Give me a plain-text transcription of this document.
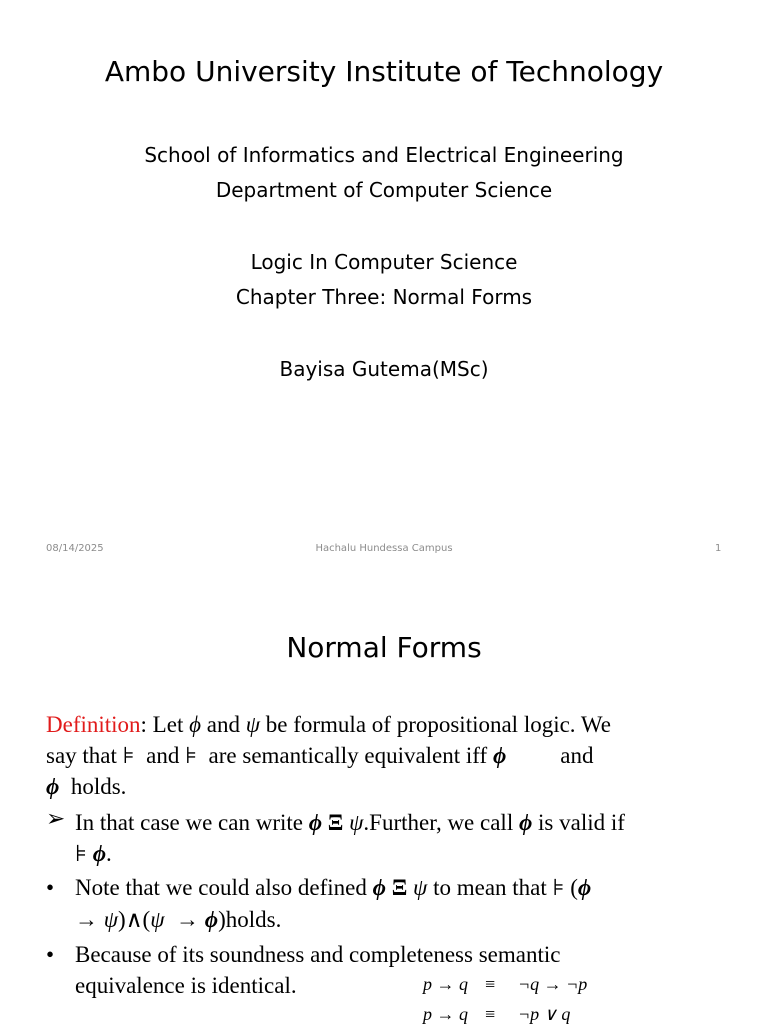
Ambo University Institute of Technology
School of Informatics and Electrical Engineering
Department of Computer Science
Logic In Computer Science
Chapter Three: Normal Forms
Bayisa Gutema(MSc)
08/14/2025	Hachalu Hundessa Campus	1
Normal Forms
Definition: Let ϕ and ψ be formula of propositional logic. We
say that ⊧  and ⊧  are semantically equivalent iff ϕ and
ϕ  holds.
➢ In that case we can write ϕ Ξ ψ.Further, we call ϕ is valid if
⊧ ϕ.
• Note that we could also defined ϕ Ξ ψ to mean that ⊧ (ϕ
→ ψ)∧(ψ  → ϕ)holds.
• Because of its soundness and completeness semantic
equivalence is identical.	p → q ≡ ¬q → ¬p
p → q ≡ ¬p ∨ q
